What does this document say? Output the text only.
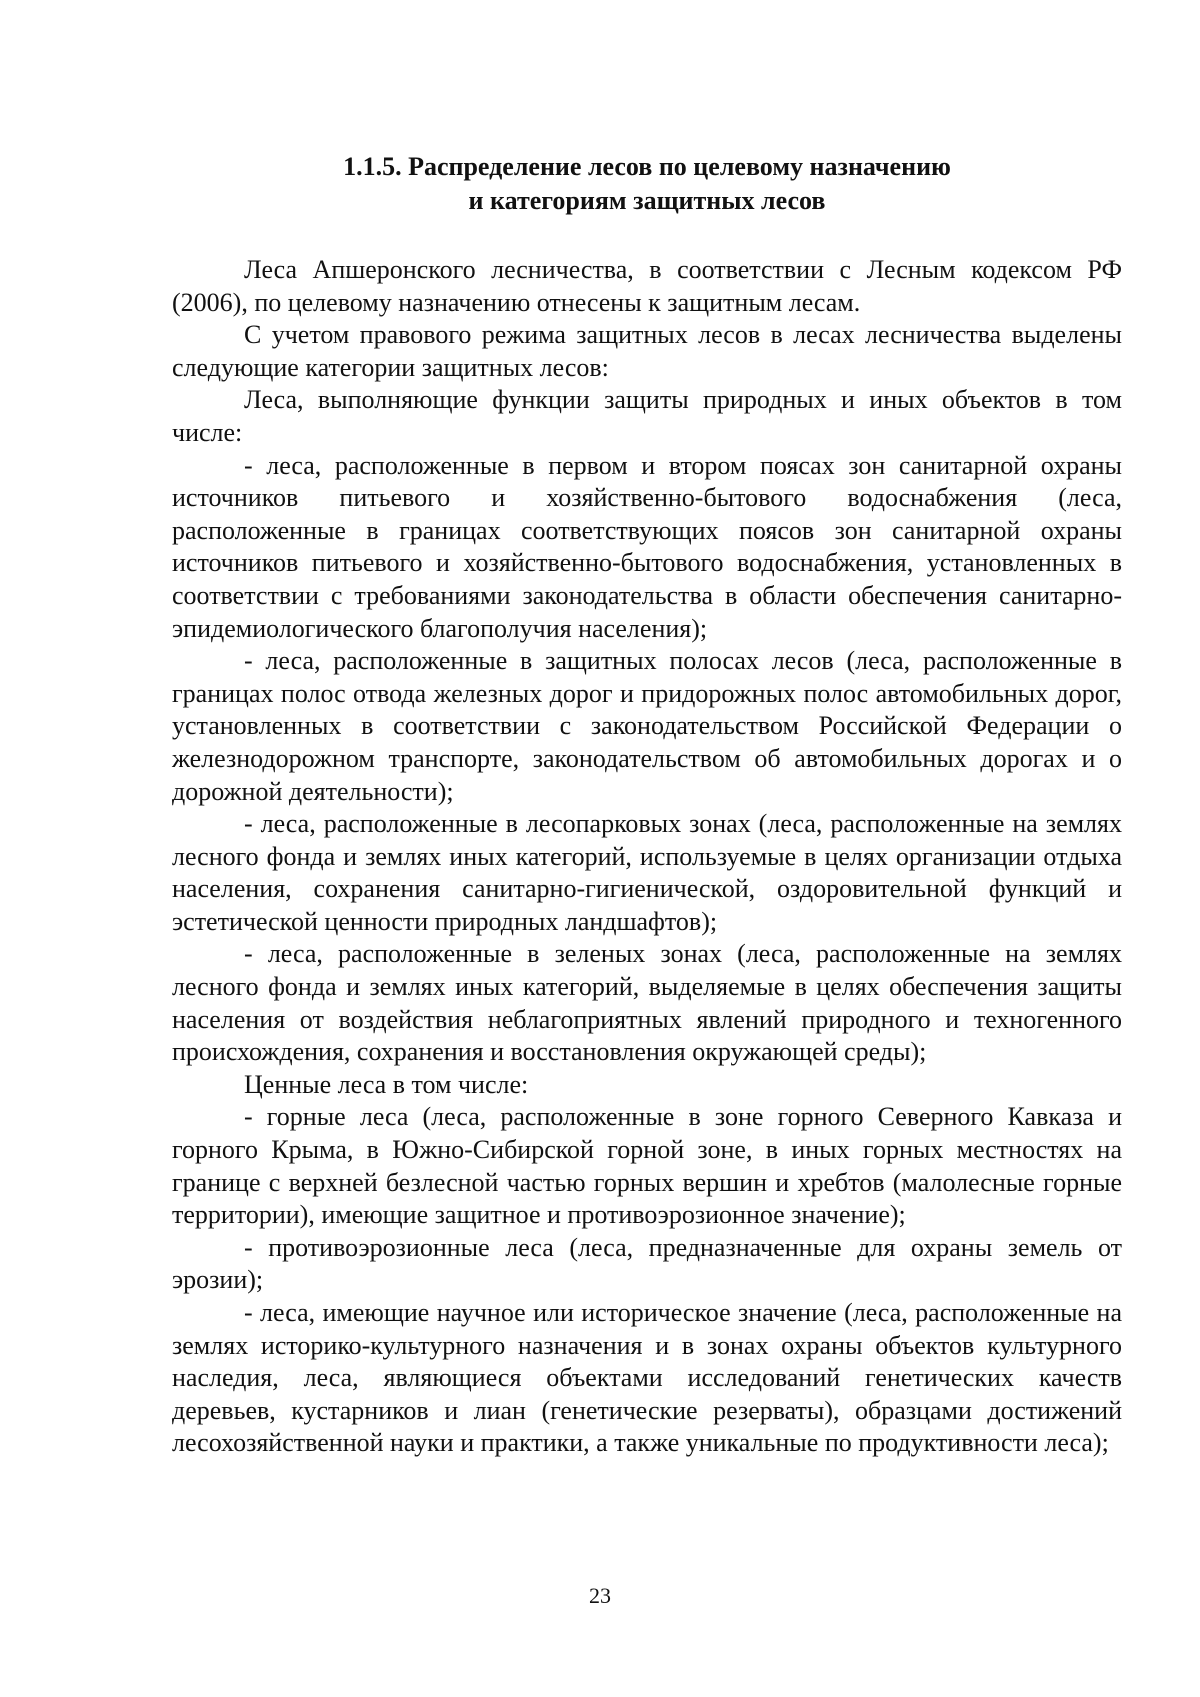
1.1.5. Распределение лесов по целевому назначению
и категориям защитных лесов

Леса Апшеронского лесничества, в соответствии с Лесным кодексом РФ (2006), по целевому назначению отнесены к защитным лесам.

С учетом правового режима защитных лесов в лесах лесничества выделены следующие категории защитных лесов:

Леса, выполняющие функции защиты природных и иных объектов в том числе:

- леса, расположенные в первом и втором поясах зон санитарной охраны источников питьевого и хозяйственно-бытового водоснабжения (леса, расположенные в границах соответствующих поясов зон санитарной охраны источников питьевого и хозяйственно-бытового водоснабжения, установленных в соответствии с требованиями законодательства в области обеспечения санитарно-эпидемиологического благополучия населения);

- леса, расположенные в защитных полосах лесов (леса, расположенные в границах полос отвода железных дорог и придорожных полос автомобильных дорог, установленных в соответствии с законодательством Российской Федерации о железнодорожном транспорте, законодательством об автомобильных дорогах и о дорожной деятельности);

- леса, расположенные в лесопарковых зонах (леса, расположенные на землях лесного фонда и землях иных категорий, используемые в целях организации отдыха населения, сохранения санитарно-гигиенической, оздоровительной функций и эстетической ценности природных ландшафтов);

- леса, расположенные в зеленых зонах (леса, расположенные на землях лесного фонда и землях иных категорий, выделяемые в целях обеспечения защиты населения от воздействия неблагоприятных явлений природного и техногенного происхождения, сохранения и восстановления окружающей среды);

Ценные леса в том числе:

- горные леса (леса, расположенные в зоне горного Северного Кавказа и горного Крыма, в Южно-Сибирской горной зоне, в иных горных местностях на границе с верхней безлесной частью горных вершин и хребтов (малолесные горные территории), имеющие защитное и противоэрозионное значение);

- противоэрозионные леса (леса, предназначенные для охраны земель от эрозии);

- леса, имеющие научное или историческое значение (леса, расположенные на землях историко-культурного назначения и в зонах охраны объектов культурного наследия, леса, являющиеся объектами исследований генетических качеств деревьев, кустарников и лиан (генетические резерваты), образцами достижений лесохозяйственной науки и практики, а также уникальные по продуктивности леса);

23
